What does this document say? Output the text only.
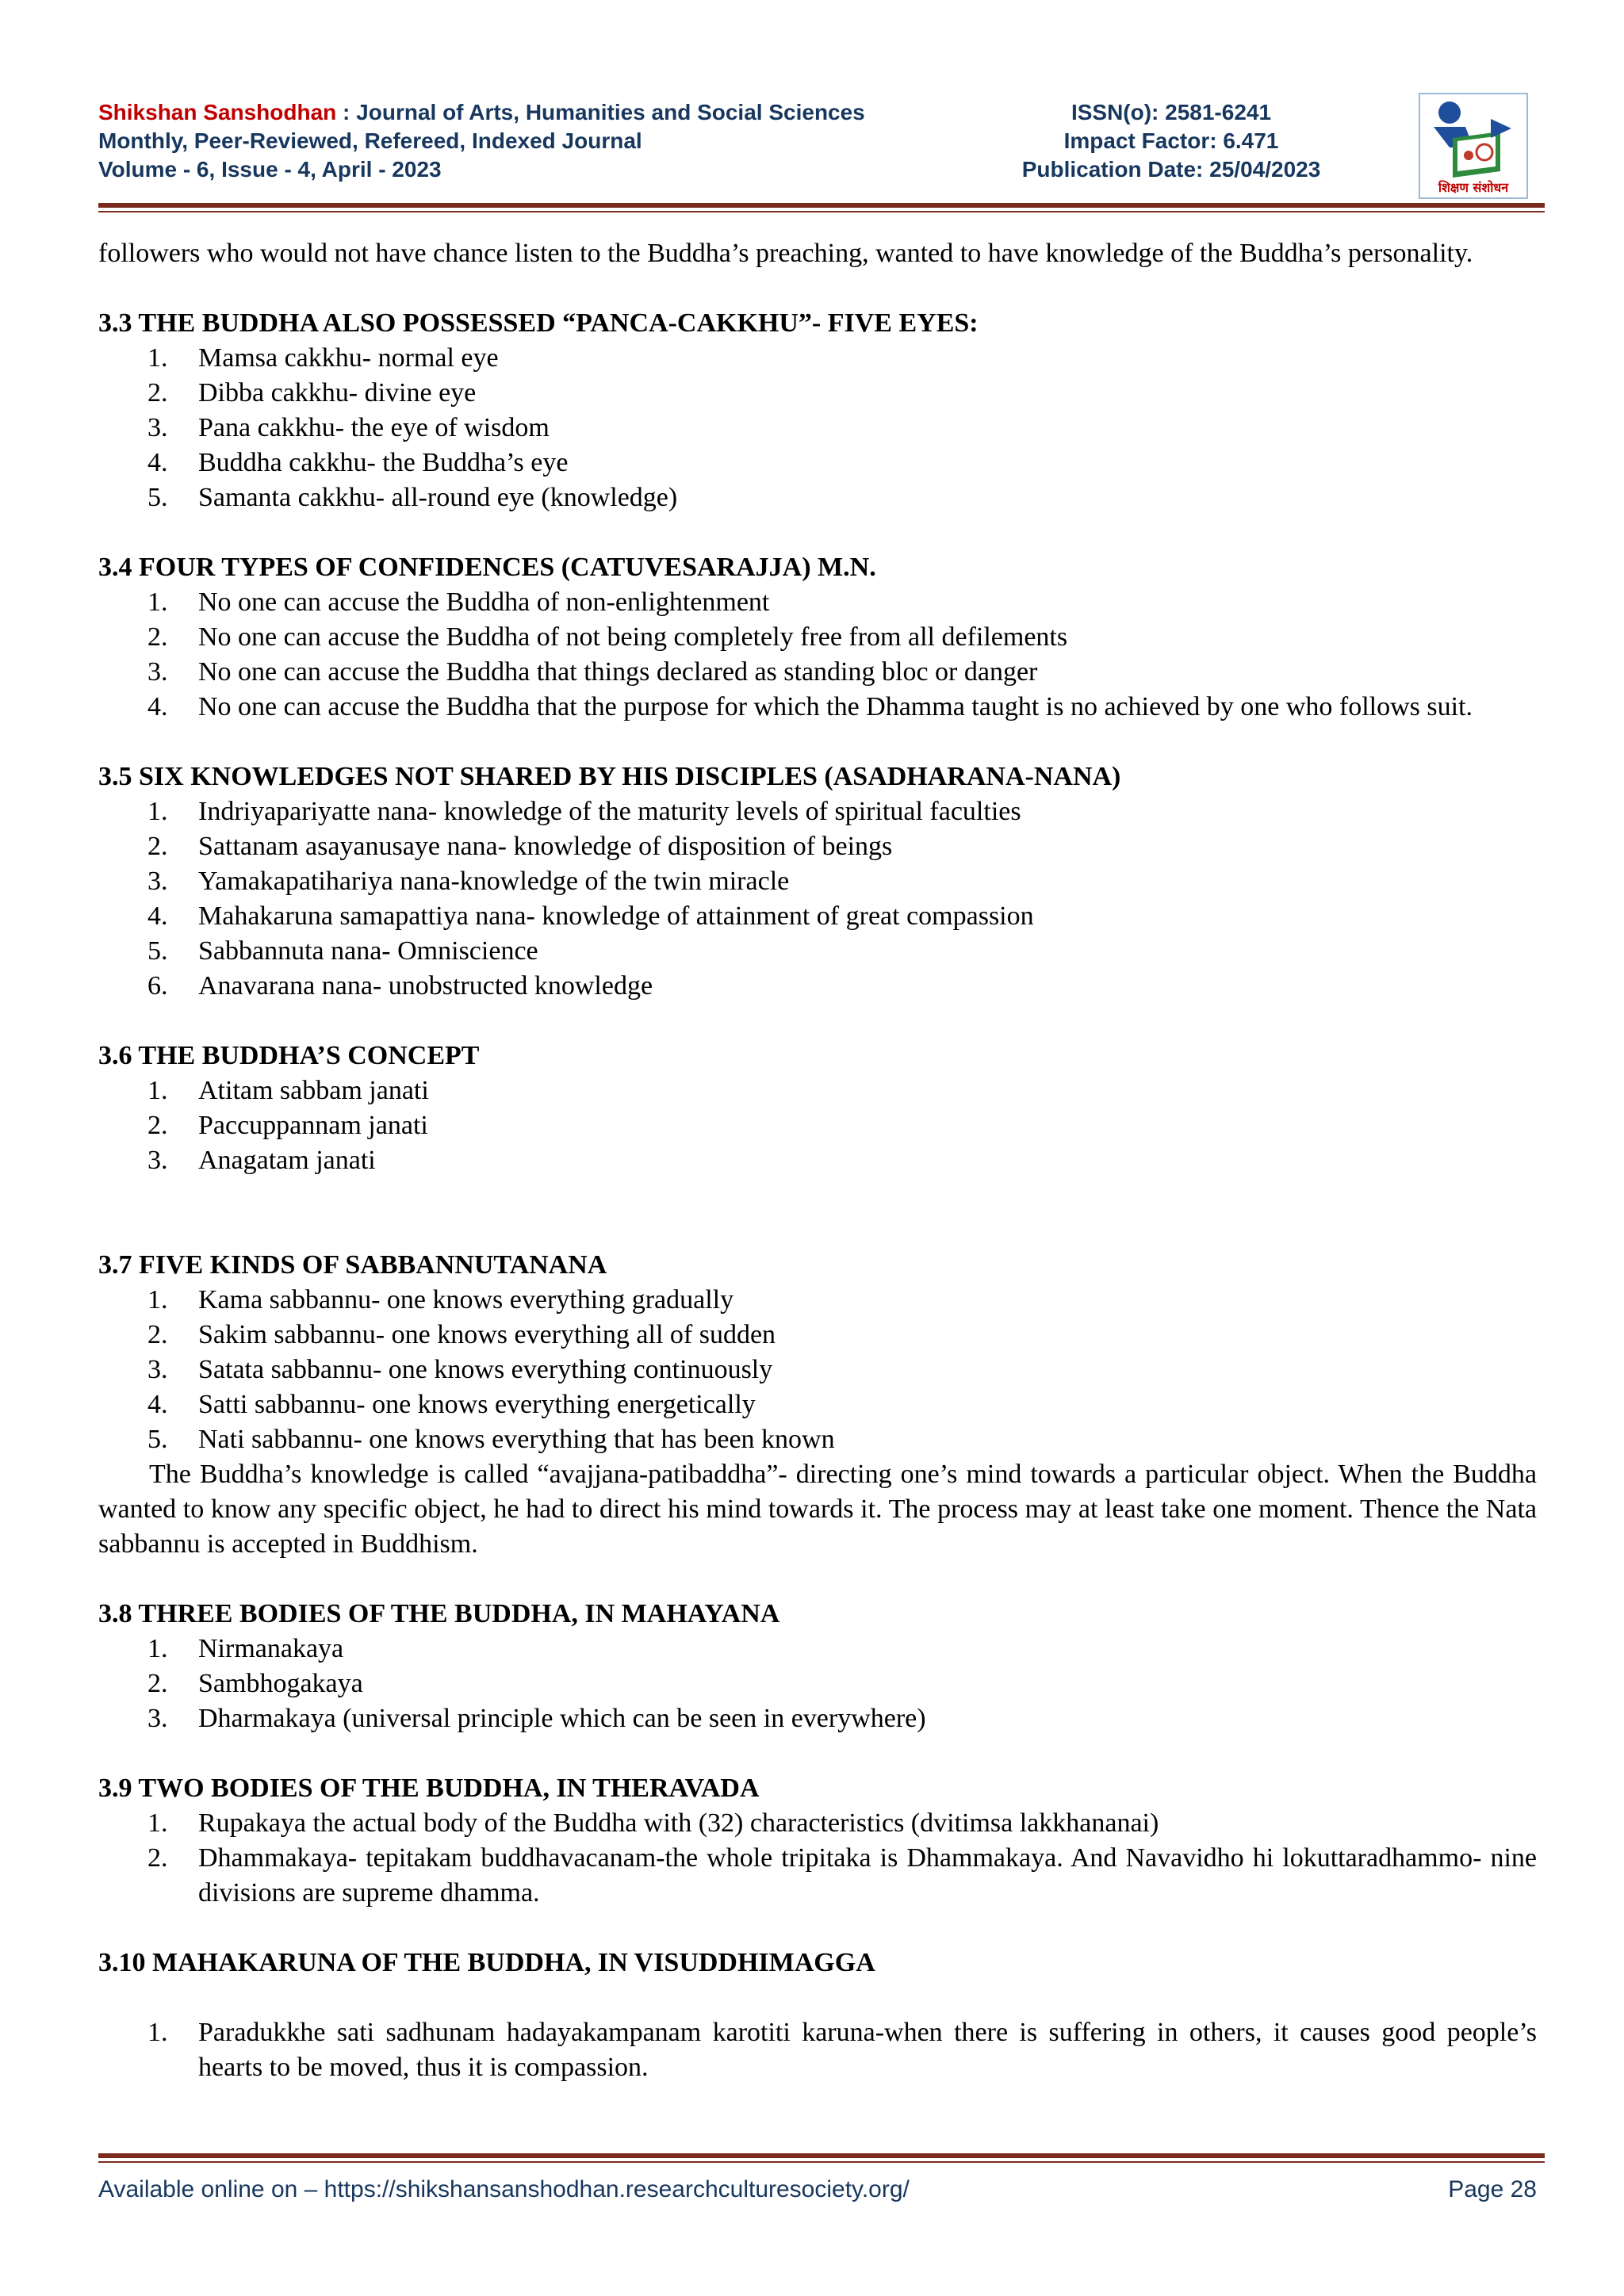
Shikshan Sanshodhan : Journal of Arts, Humanities and Social Sciences
Monthly, Peer-Reviewed, Refereed, Indexed Journal
Volume - 6, Issue - 4, April - 2023
ISSN(o): 2581-6241
Impact Factor: 6.471
Publication Date: 25/04/2023
शिक्षण संशोधन

followers who would not have chance listen to the Buddha’s preaching, wanted to have knowledge of the Buddha’s personality.

3.3 THE BUDDHA ALSO POSSESSED “PANCA-CAKKHU”- FIVE EYES:
1. Mamsa cakkhu- normal eye
2. Dibba cakkhu- divine eye
3. Pana cakkhu- the eye of wisdom
4. Buddha cakkhu- the Buddha’s eye
5. Samanta cakkhu- all-round eye (knowledge)
3.4 FOUR TYPES OF CONFIDENCES (CATUVESARAJJA) M.N.
1. No one can accuse the Buddha of non-enlightenment
2. No one can accuse the Buddha of not being completely free from all defilements
3. No one can accuse the Buddha that things declared as standing bloc or danger
4. No one can accuse the Buddha that the purpose for which the Dhamma taught is no achieved by one who follows suit.
3.5 SIX KNOWLEDGES NOT SHARED BY HIS DISCIPLES (ASADHARANA-NANA)
1. Indriyapariyatte nana- knowledge of the maturity levels of spiritual faculties
2. Sattanam asayanusaye nana- knowledge of disposition of beings
3. Yamakapatihariya nana-knowledge of the twin miracle
4. Mahakaruna samapattiya nana- knowledge of attainment of great compassion
5. Sabbannuta nana- Omniscience
6. Anavarana nana- unobstructed knowledge
3.6 THE BUDDHA’S CONCEPT
1. Atitam sabbam janati
2. Paccuppannam janati
3. Anagatam janati
3.7 FIVE KINDS OF SABBANNUTANANA
1. Kama sabbannu- one knows everything gradually
2. Sakim sabbannu- one knows everything all of sudden
3. Satata sabbannu- one knows everything continuously
4. Satti sabbannu- one knows everything energetically
5. Nati sabbannu- one knows everything that has been known

The Buddha’s knowledge is called “avajjana-patibaddha”- directing one’s mind towards a particular object. When the Buddha wanted to know any specific object, he had to direct his mind towards it. The process may at least take one moment. Thence the Nata sabbannu is accepted in Buddhism.

3.8 THREE BODIES OF THE BUDDHA, IN MAHAYANA
1. Nirmanakaya
2. Sambhogakaya
3. Dharmakaya (universal principle which can be seen in everywhere)
3.9 TWO BODIES OF THE BUDDHA, IN THERAVADA
1. Rupakaya the actual body of the Buddha with (32) characteristics (dvitimsa lakkhananai)
2. Dhammakaya- tepitakam buddhavacanam-the whole tripitaka is Dhammakaya. And Navavidho hi lokuttaradhammo- nine divisions are supreme dhamma.
3.10 MAHAKARUNA OF THE BUDDHA, IN VISUDDHIMAGGA
1. Paradukkhe sati sadhunam hadayakampanam karotiti karuna-when there is suffering in others, it causes good people’s hearts to be moved, thus it is compassion.
Available online on – https://shikshansanshodhan.researchculturesociety.org/	Page 28
